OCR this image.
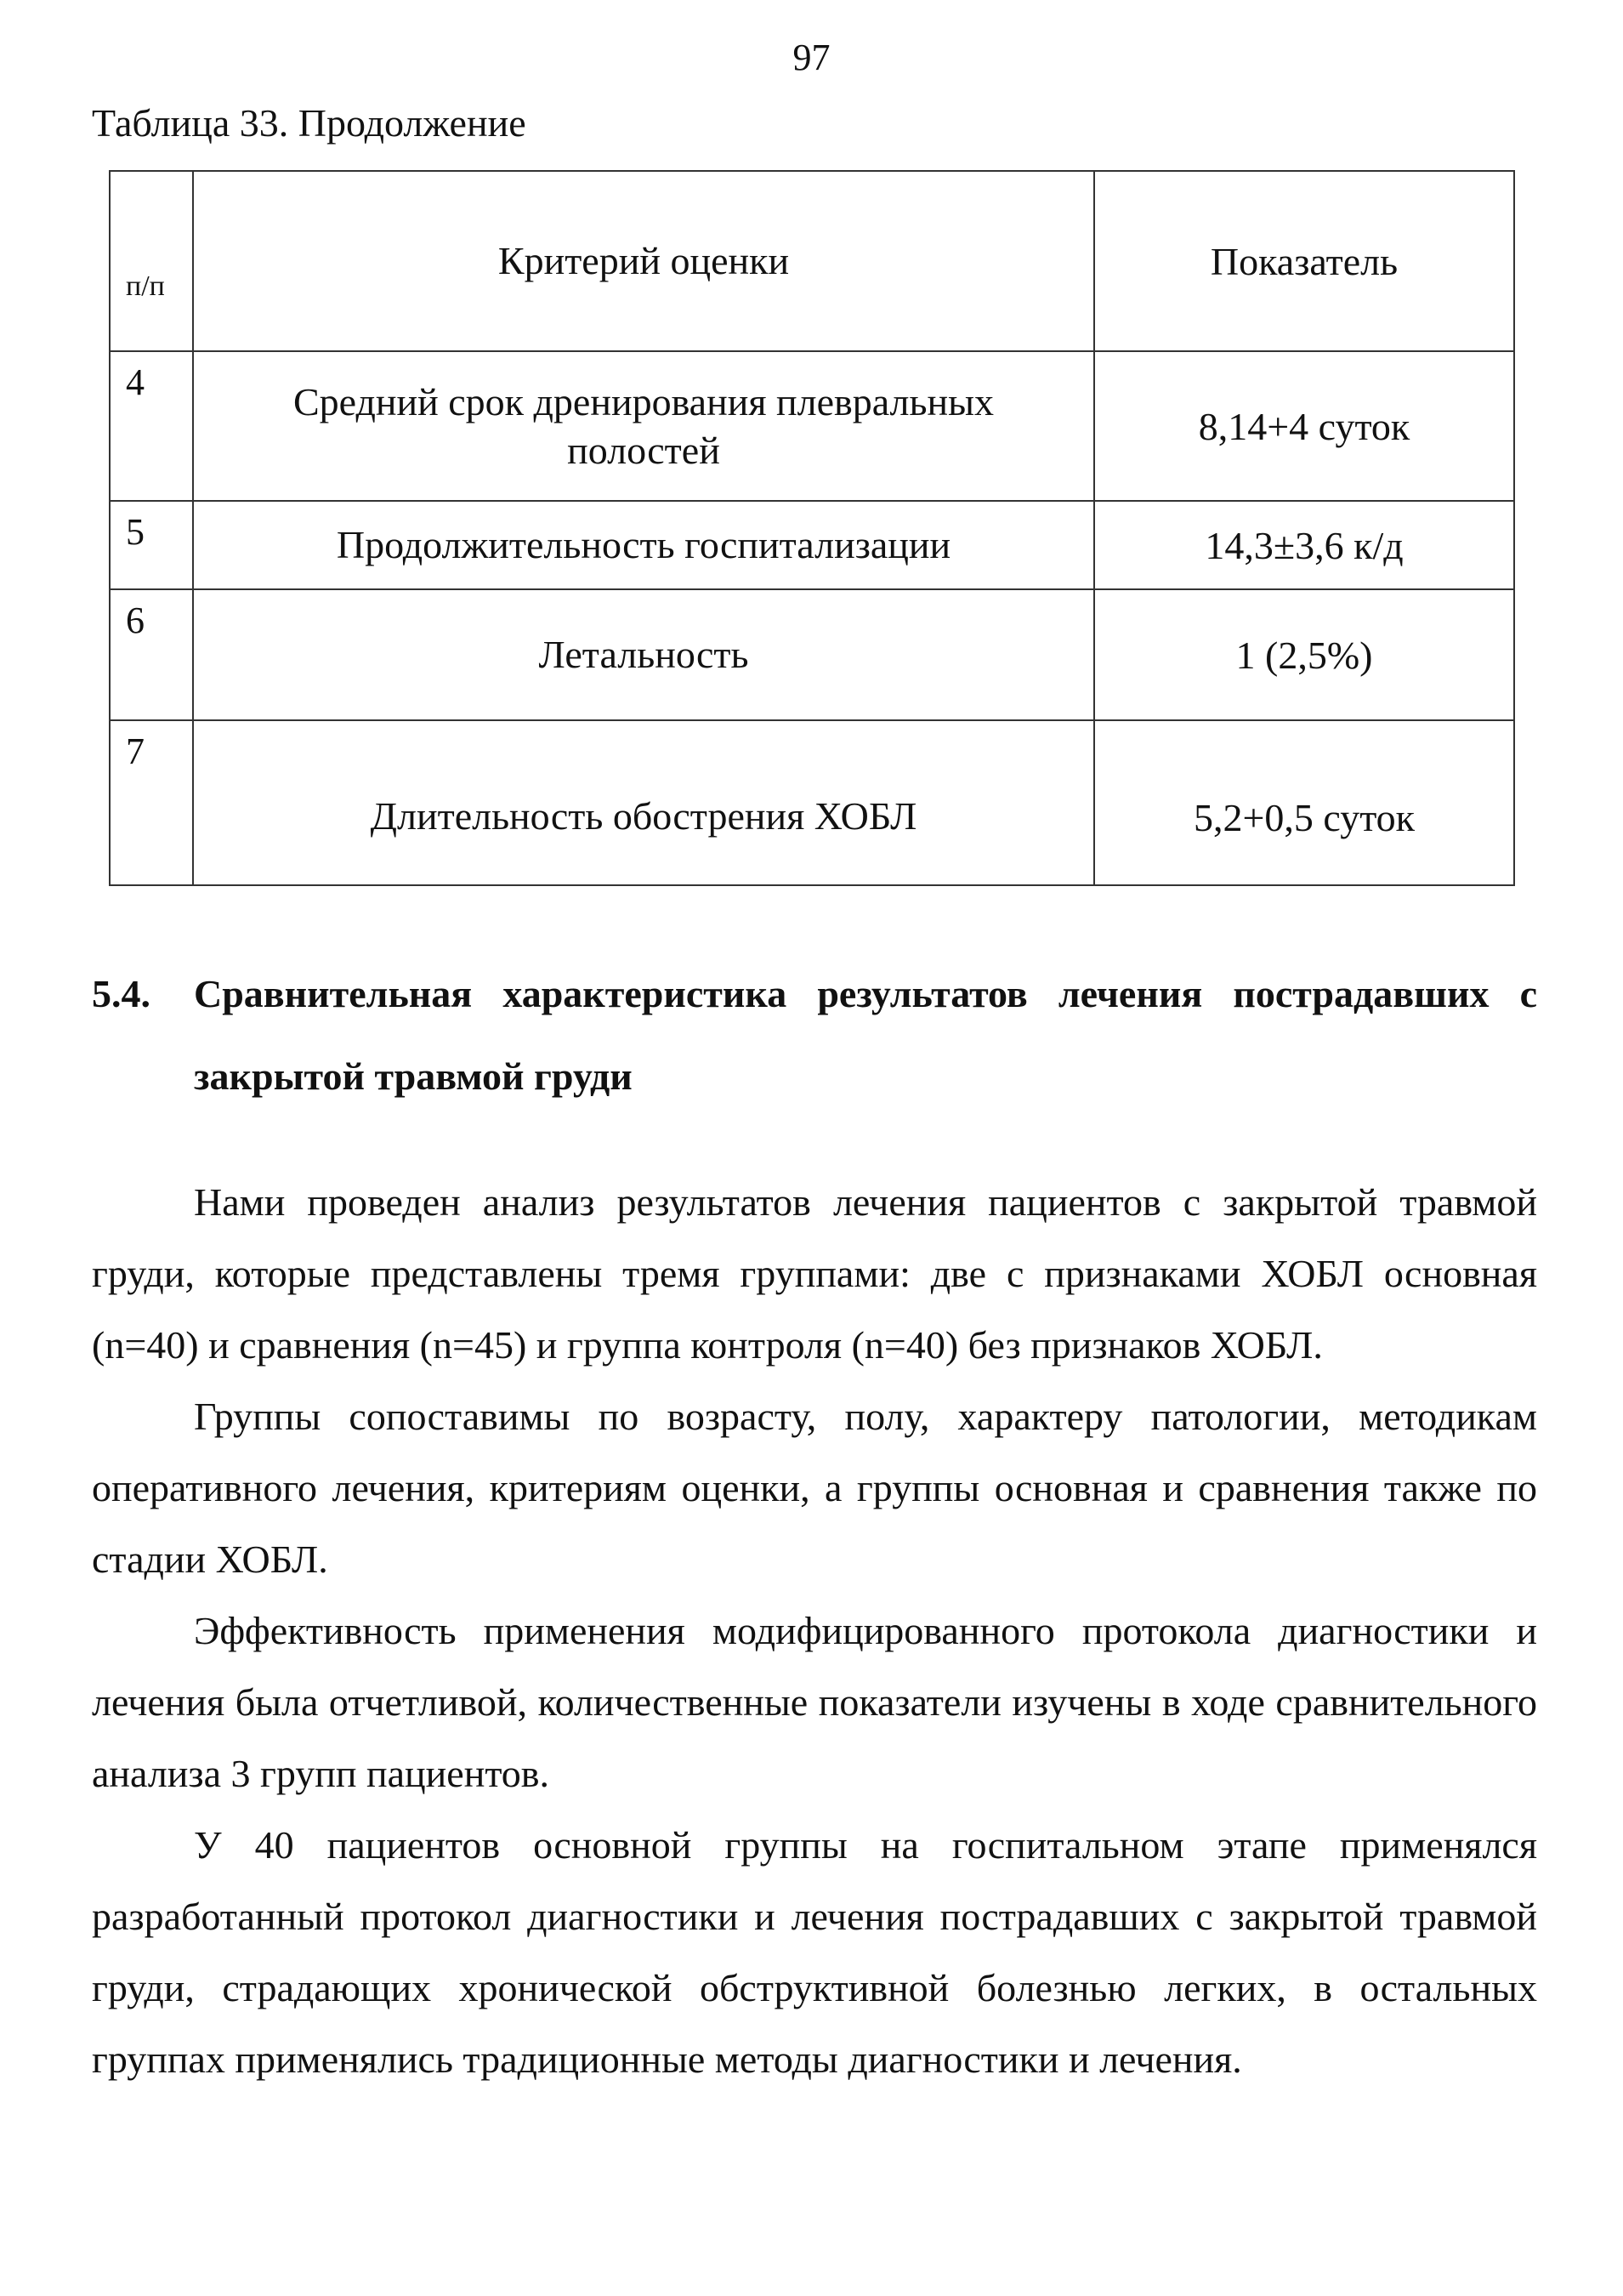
97
Таблица 33. Продолжение
п/п	Критерий оценки	Показатель
4	Средний срок дренирования плевральных полостей	8,14+4 суток
5	Продолжительность госпитализации	14,3±3,6 к/д
6	Летальность	1 (2,5%)
7	Длительность обострения ХОБЛ	5,2+0,5 суток
5.4. Сравнительная характеристика результатов лечения пострадавших с закрытой травмой груди

Нами проведен анализ результатов лечения пациентов с закрытой травмой груди, которые представлены тремя группами: две с признаками ХОБЛ основная (n=40) и сравнения (n=45) и группа контроля (n=40) без признаков ХОБЛ.

Группы сопоставимы по возрасту, полу, характеру патологии, методикам оперативного лечения, критериям оценки, а группы основная и сравнения также по стадии ХОБЛ.

Эффективность применения модифицированного протокола диагностики и лечения была отчетливой, количественные показатели изучены в ходе сравнительного анализа 3 групп пациентов.

У 40 пациентов основной группы на госпитальном этапе применялся разработанный протокол диагностики и лечения пострадавших с закрытой травмой груди, страдающих хронической обструктивной болезнью легких, в остальных группах применялись традиционные методы диагностики и лечения.
